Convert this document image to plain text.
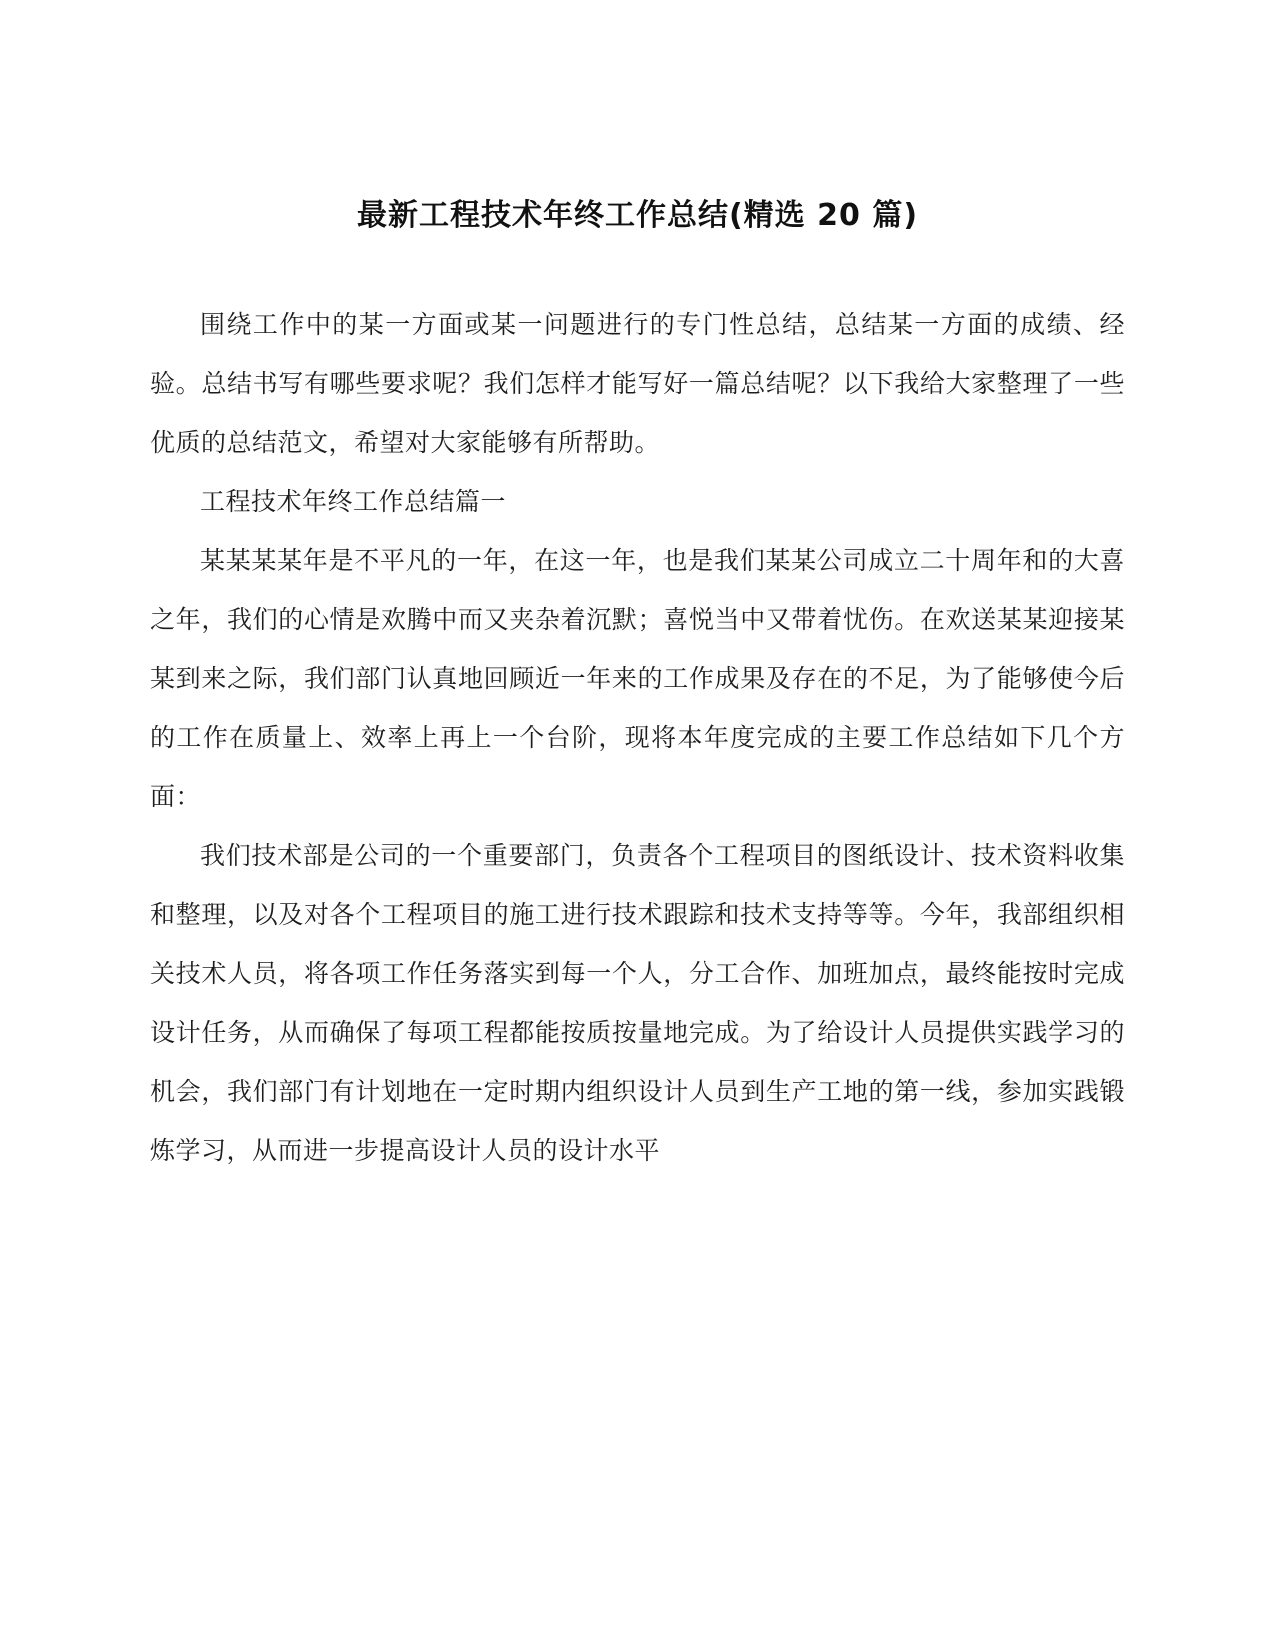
最新工程技术年终工作总结(精选 20 篇)

围绕工作中的某一方面或某一问题进行的专门性总结，总结某一方面的成绩、经验。总结书写有哪些要求呢？我们怎样才能写好一篇总结呢？以下我给大家整理了一些优质的总结范文，希望对大家能够有所帮助。

工程技术年终工作总结篇一

某某某某年是不平凡的一年，在这一年，也是我们某某公司成立二十周年和的大喜之年，我们的心情是欢腾中而又夹杂着沉默；喜悦当中又带着忧伤。在欢送某某迎接某某到来之际，我们部门认真地回顾近一年来的工作成果及存在的不足，为了能够使今后的工作在质量上、效率上再上一个台阶，现将本年度完成的主要工作总结如下几个方面：

我们技术部是公司的一个重要部门，负责各个工程项目的图纸设计、技术资料收集和整理，以及对各个工程项目的施工进行技术跟踪和技术支持等等。今年，我部组织相关技术人员，将各项工作任务落实到每一个人，分工合作、加班加点，最终能按时完成设计任务，从而确保了每项工程都能按质按量地完成。为了给设计人员提供实践学习的机会，我们部门有计划地在一定时期内组织设计人员到生产工地的第一线，参加实践锻炼学习，从而进一步提高设计人员的设计水平
